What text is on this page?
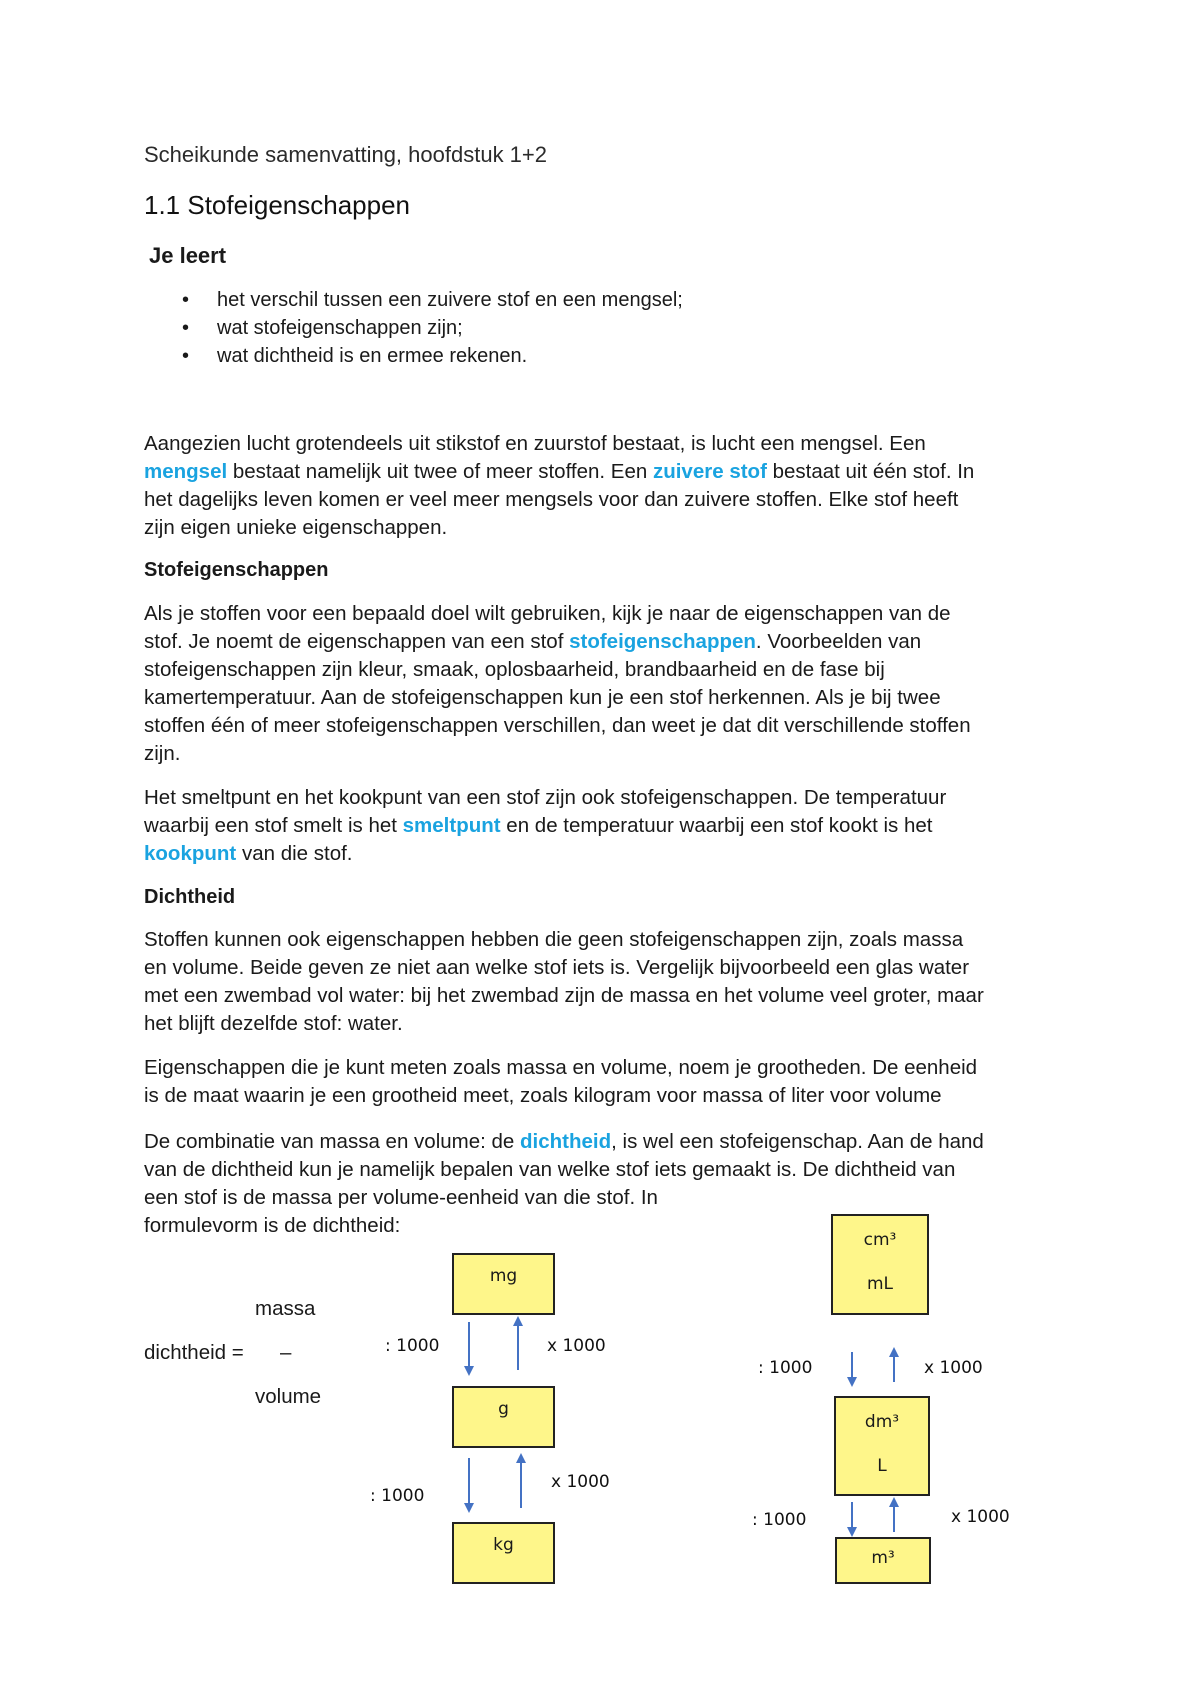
Scheikunde samenvatting, hoofdstuk 1+2
1.1 Stofeigenschappen
Je leert
• het verschil tussen een zuivere stof en een mengsel;
• wat stofeigenschappen zijn;
• wat dichtheid is en ermee rekenen.

Aangezien lucht grotendeels uit stikstof en zuurstof bestaat, is lucht een mengsel. Een

mengsel bestaat namelijk uit twee of meer stoffen. Een zuivere stof bestaat uit één stof. In

het dagelijks leven komen er veel meer mengsels voor dan zuivere stoffen. Elke stof heeft

zijn eigen unieke eigenschappen.

Stofeigenschappen

Als je stoffen voor een bepaald doel wilt gebruiken, kijk je naar de eigenschappen van de

stof. Je noemt de eigenschappen van een stof stofeigenschappen. Voorbeelden van

stofeigenschappen zijn kleur, smaak, oplosbaarheid, brandbaarheid en de fase bij

kamertemperatuur. Aan de stofeigenschappen kun je een stof herkennen. Als je bij twee

stoffen één of meer stofeigenschappen verschillen, dan weet je dat dit verschillende stoffen

zijn.

Het smeltpunt en het kookpunt van een stof zijn ook stofeigenschappen. De temperatuur

waarbij een stof smelt is het smeltpunt en de temperatuur waarbij een stof kookt is het

kookpunt van die stof.

Dichtheid

Stoffen kunnen ook eigenschappen hebben die geen stofeigenschappen zijn, zoals massa

en volume. Beide geven ze niet aan welke stof iets is. Vergelijk bijvoorbeeld een glas water

met een zwembad vol water: bij het zwembad zijn de massa en het volume veel groter, maar

het blijft dezelfde stof: water.

Eigenschappen die je kunt meten zoals massa en volume, noem je grootheden. De eenheid

is de maat waarin je een grootheid meet, zoals kilogram voor massa of liter voor volume

De combinatie van massa en volume: de dichtheid, is wel een stofeigenschap. Aan de hand

van de dichtheid kun je namelijk bepalen van welke stof iets gemaakt is. De dichtheid van

een stof is de massa per volume-eenheid van die stof. In

formulevorm is de dichtheid:

massa
dichtheid = –
volume
mg
g
kg
: 1000	x 1000
: 1000
x 1000
cm³
mL
dm³
L
m³
: 1000	x 1000
: 1000	x 1000
